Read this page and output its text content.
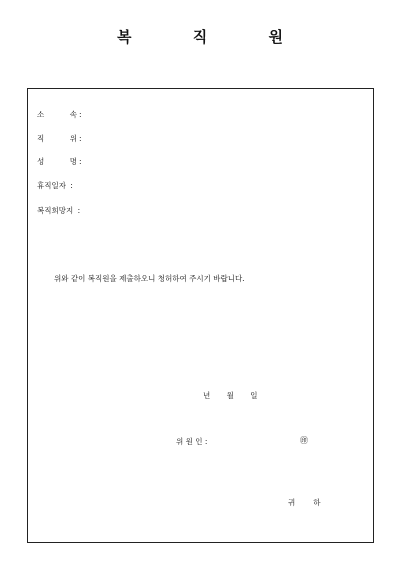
복	직	원
소	속 :
직	위 :
성	명 :
휴직일자 :
복직희망지 :
위와 같이 복직원을 제출하오니 청허하여 주시기 바랍니다.
년 월 일
위 원 인 :	㊞
귀 하
